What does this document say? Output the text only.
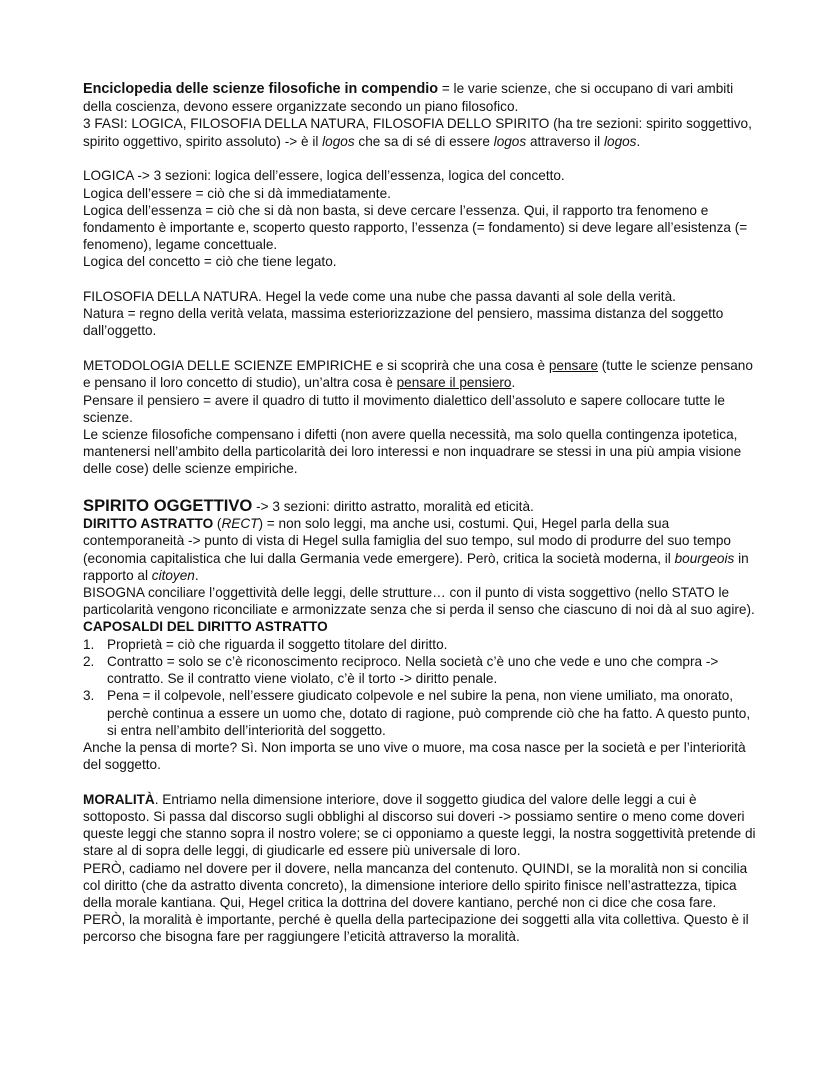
Enciclopedia delle scienze filosofiche in compendio = le varie scienze, che si occupano di vari ambiti della coscienza, devono essere organizzate secondo un piano filosofico.

3 FASI: LOGICA, FILOSOFIA DELLA NATURA, FILOSOFIA DELLO SPIRITO (ha tre sezioni: spirito soggettivo, spirito oggettivo, spirito assoluto) -> è il logos che sa di sé di essere logos attraverso il logos.

LOGICA -> 3 sezioni: logica dell’essere, logica dell’essenza, logica del concetto.

Logica dell’essere = ciò che si dà immediatamente.

Logica dell’essenza = ciò che si dà non basta, si deve cercare l’essenza. Qui, il rapporto tra fenomeno e fondamento è importante e, scoperto questo rapporto, l’essenza (= fondamento) si deve legare all’esistenza (= fenomeno), legame concettuale.

Logica del concetto = ciò che tiene legato.

FILOSOFIA DELLA NATURA. Hegel la vede come una nube che passa davanti al sole della verità.

Natura = regno della verità velata, massima esteriorizzazione del pensiero, massima distanza del soggetto dall’oggetto.

METODOLOGIA DELLE SCIENZE EMPIRICHE e si scoprirà che una cosa è pensare (tutte le scienze pensano e pensano il loro concetto di studio), un’altra cosa è pensare il pensiero.

Pensare il pensiero = avere il quadro di tutto il movimento dialettico dell’assoluto e sapere collocare tutte le scienze.

Le scienze filosofiche compensano i difetti (non avere quella necessità, ma solo quella contingenza ipotetica, mantenersi nell’ambito della particolarità dei loro interessi e non inquadrare se stessi in una più ampia visione delle cose) delle scienze empiriche.

SPIRITO OGGETTIVO -> 3 sezioni: diritto astratto, moralità ed eticità.

DIRITTO ASTRATTO (RECT) = non solo leggi, ma anche usi, costumi. Qui, Hegel parla della sua contemporaneità -> punto di vista di Hegel sulla famiglia del suo tempo, sul modo di produrre del suo tempo (economia capitalistica che lui dalla Germania vede emergere). Però, critica la società moderna, il bourgeois in rapporto al citoyen.

BISOGNA conciliare l’oggettività delle leggi, delle strutture… con il punto di vista soggettivo (nello STATO le particolarità vengono riconciliate e armonizzate senza che si perda il senso che ciascuno di noi dà al suo agire).

CAPOSALDI DEL DIRITTO ASTRATTO

1. Proprietà = ciò che riguarda il soggetto titolare del diritto.
2. Contratto = solo se c’è riconoscimento reciproco. Nella società c’è uno che vede e uno che compra -> contratto. Se il contratto viene violato, c’è il torto -> diritto penale.
3. Pena = il colpevole, nell’essere giudicato colpevole e nel subire la pena, non viene umiliato, ma onorato, perchè continua a essere un uomo che, dotato di ragione, può comprende ciò che ha fatto. A questo punto, si entra nell’ambito dell’interiorità del soggetto.

Anche la pensa di morte? Sì. Non importa se uno vive o muore, ma cosa nasce per la società e per l’interiorità del soggetto.

MORALITÀ. Entriamo nella dimensione interiore, dove il soggetto giudica del valore delle leggi a cui è sottoposto. Si passa dal discorso sugli obblighi al discorso sui doveri -> possiamo sentire o meno come doveri queste leggi che stanno sopra il nostro volere; se ci opponiamo a queste leggi, la nostra soggettività pretende di stare al di sopra delle leggi, di giudicarle ed essere più universale di loro.

PERÒ, cadiamo nel dovere per il dovere, nella mancanza del contenuto. QUINDI, se la moralità non si concilia col diritto (che da astratto diventa concreto), la dimensione interiore dello spirito finisce nell’astrattezza, tipica della morale kantiana. Qui, Hegel critica la dottrina del dovere kantiano, perché non ci dice che cosa fare.

PERÒ, la moralità è importante, perché è quella della partecipazione dei soggetti alla vita collettiva. Questo è il percorso che bisogna fare per raggiungere l’eticità attraverso la moralità.
